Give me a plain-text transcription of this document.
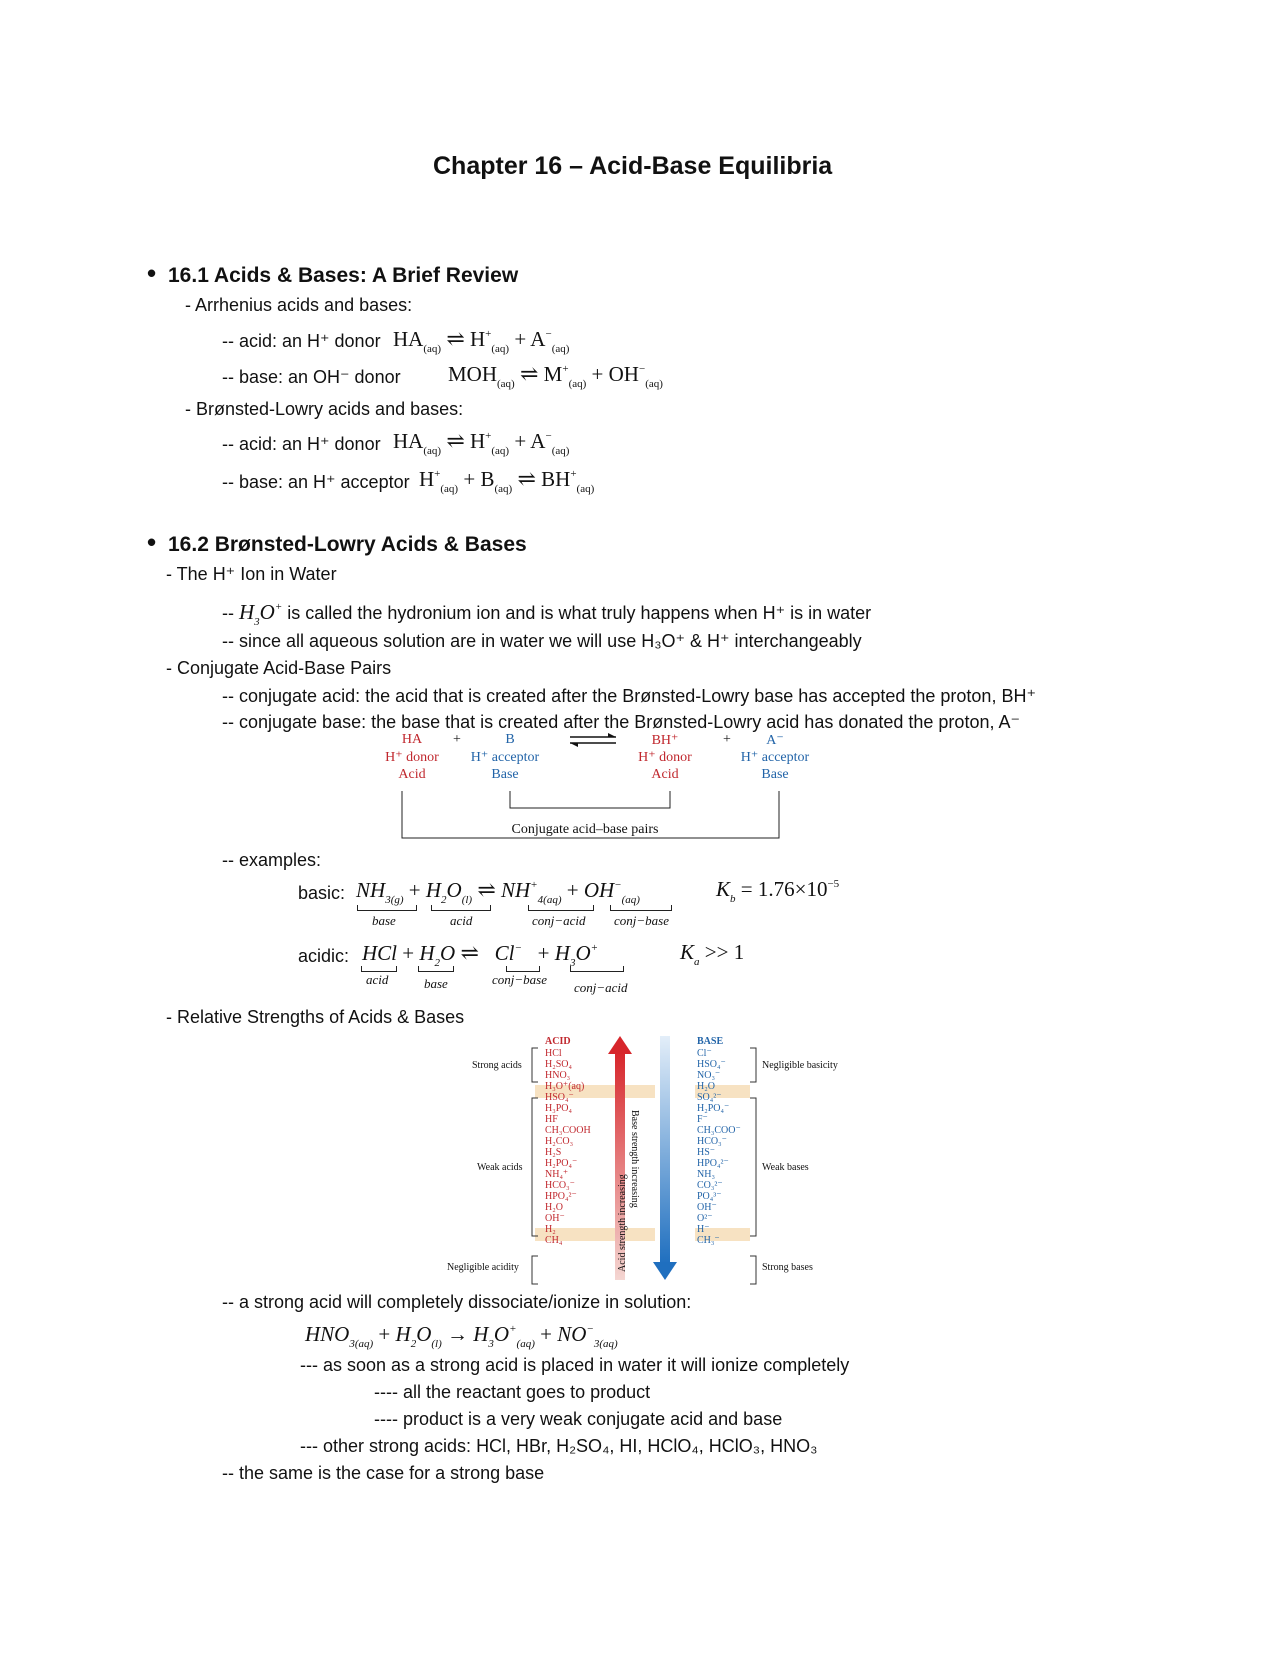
Chapter 16 – Acid-Base Equilibria
• 16.1 Acids & Bases: A Brief Review
- Arrhenius acids and bases:
-- acid: an H⁺ donor $HA_{(aq)}$ ⇌ $H^+_{(aq)} + A^-_{(aq)}$
-- base: an OH⁻ donor $MOH_{(aq)}$ ⇌ $M^+_{(aq)} + OH^-_{(aq)}$
- Brønsted-Lowry acids and bases:
-- acid: an H⁺ donor $HA_{(aq)}$ ⇌ $H^+_{(aq)} + A^-_{(aq)}$
-- base: an H⁺ acceptor $H^+_{(aq)} + B_{(aq)}$ ⇌ $BH^+_{(aq)}$
• 16.2 Brønsted-Lowry Acids & Bases
- The H⁺ Ion in Water
-- $H_3O^+$ is called the hydronium ion and is what truly happens when H⁺ is in water
-- since all aqueous solution are in water we will use H₃O⁺ & H⁺ interchangeably
- Conjugate Acid-Base Pairs
-- conjugate acid: the acid that is created after the Brønsted-Lowry base has accepted the proton, BH⁺
-- conjugate base: the base that is created after the Brønsted-Lowry acid has donated the proton, A⁻
HA	+	B	BH⁺	+	A⁻
H⁺ donor
Acid
H⁺ acceptor
Base
H⁺ donor
Acid
H⁺ acceptor
Base
Conjugate acid–base pairs
-- examples:
basic: $NH_{3(g)} + H_2O_{(l)}$ ⇌ $NH^+_{4(aq)} + OH^-_{(aq)}$	$K_b = 1.76\times 10^{-5}$
base	acid	conj−acid conj−base
acidic: HCl + $H_2O$ ⇌ $Cl^- + H_3O^+$	$K_a >> 1$
acid	base	conj−base
conj−acid
- Relative Strengths of Acids & Bases
Base strength increasing
Acid strength increasing
ACID	BASE
HCl
H₂SO₄
HNO₃
H₃O⁺(aq)
HSO₄⁻
H₃PO₄
HF
CH₃COOH
H₂CO₃
H₂S
H₂PO₄⁻
NH₄⁺
HCO₃⁻
HPO₄²⁻
H₂O
OH⁻
H₂
CH₄
Cl⁻
HSO₄⁻
NO₃⁻
H₂O
SO₄²⁻
H₂PO₄⁻
F⁻
CH₃COO⁻
HCO₃⁻
HS⁻
HPO₄²⁻
NH₃
CO₃²⁻
PO₄³⁻
OH⁻
O²⁻
H⁻
CH₃⁻
Strong acids
Weak acids
Negligible acidity
Negligible basicity
Weak bases
Strong bases
-- a strong acid will completely dissociate/ionize in solution:
$HNO_{3(aq)} + H_2O_{(l)} \to H_3O^+_{(aq)} + NO^-_{3(aq)}$
--- as soon as a strong acid is placed in water it will ionize completely
---- all the reactant goes to product
---- product is a very weak conjugate acid and base
--- other strong acids: HCl, HBr, H₂SO₄, HI, HClO₄, HClO₃, HNO₃
-- the same is the case for a strong base
